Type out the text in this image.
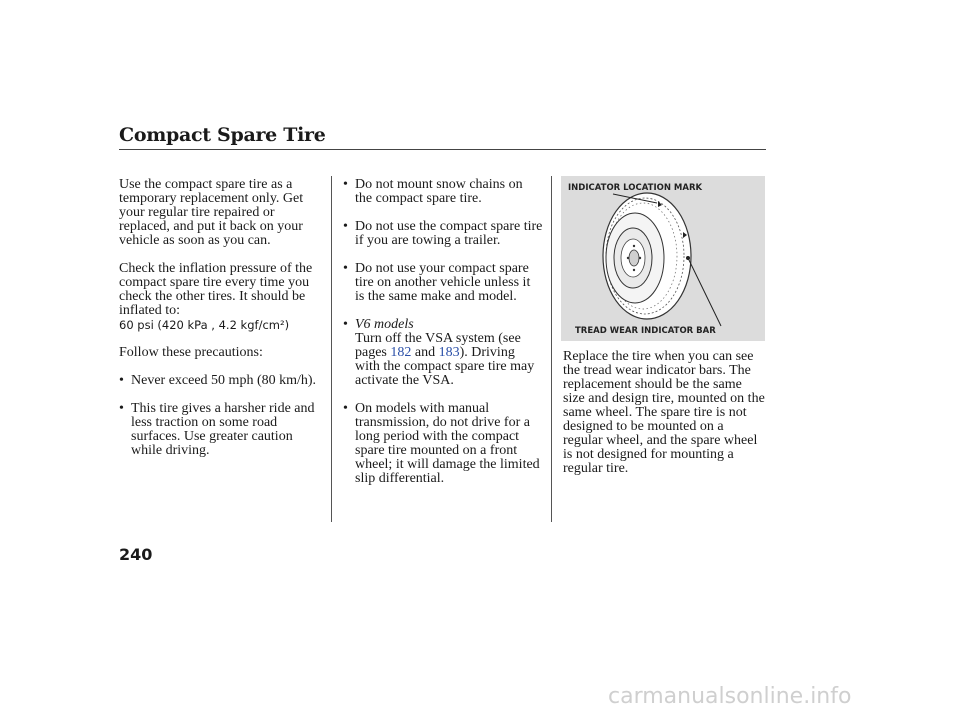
Compact Spare Tire

Use the compact spare tire as a temporary replacement only. Get your regular tire repaired or replaced, and put it back on your vehicle as soon as you can.

Check the inflation pressure of the compact spare tire every time you check the other tires. It should be inflated to:

60 psi (420 kPa , 4.2 kgf/cm²)

Follow these precautions:

• Never exceed 50 mph (80 km/h).
• This tire gives a harsher ride and less traction on some road surfaces. Use greater caution while driving.
• Do not mount snow chains on the compact spare tire.
• Do not use the compact spare tire if you are towing a trailer.
• Do not use your compact spare tire on another vehicle unless it is the same make and model.
• V6 models
Turn off the VSA system (see pages 182 and 183). Driving with the compact spare tire may activate the VSA.
• On models with manual transmission, do not drive for a long period with the compact spare tire mounted on a front wheel; it will damage the limited slip differential.
INDICATOR LOCATION MARK
TREAD WEAR INDICATOR BAR

Replace the tire when you can see the tread wear indicator bars. The replacement should be the same size and design tire, mounted on the same wheel. The spare tire is not designed to be mounted on a regular wheel, and the spare wheel is not designed for mounting a regular tire.

240
carmanualsonline.info
